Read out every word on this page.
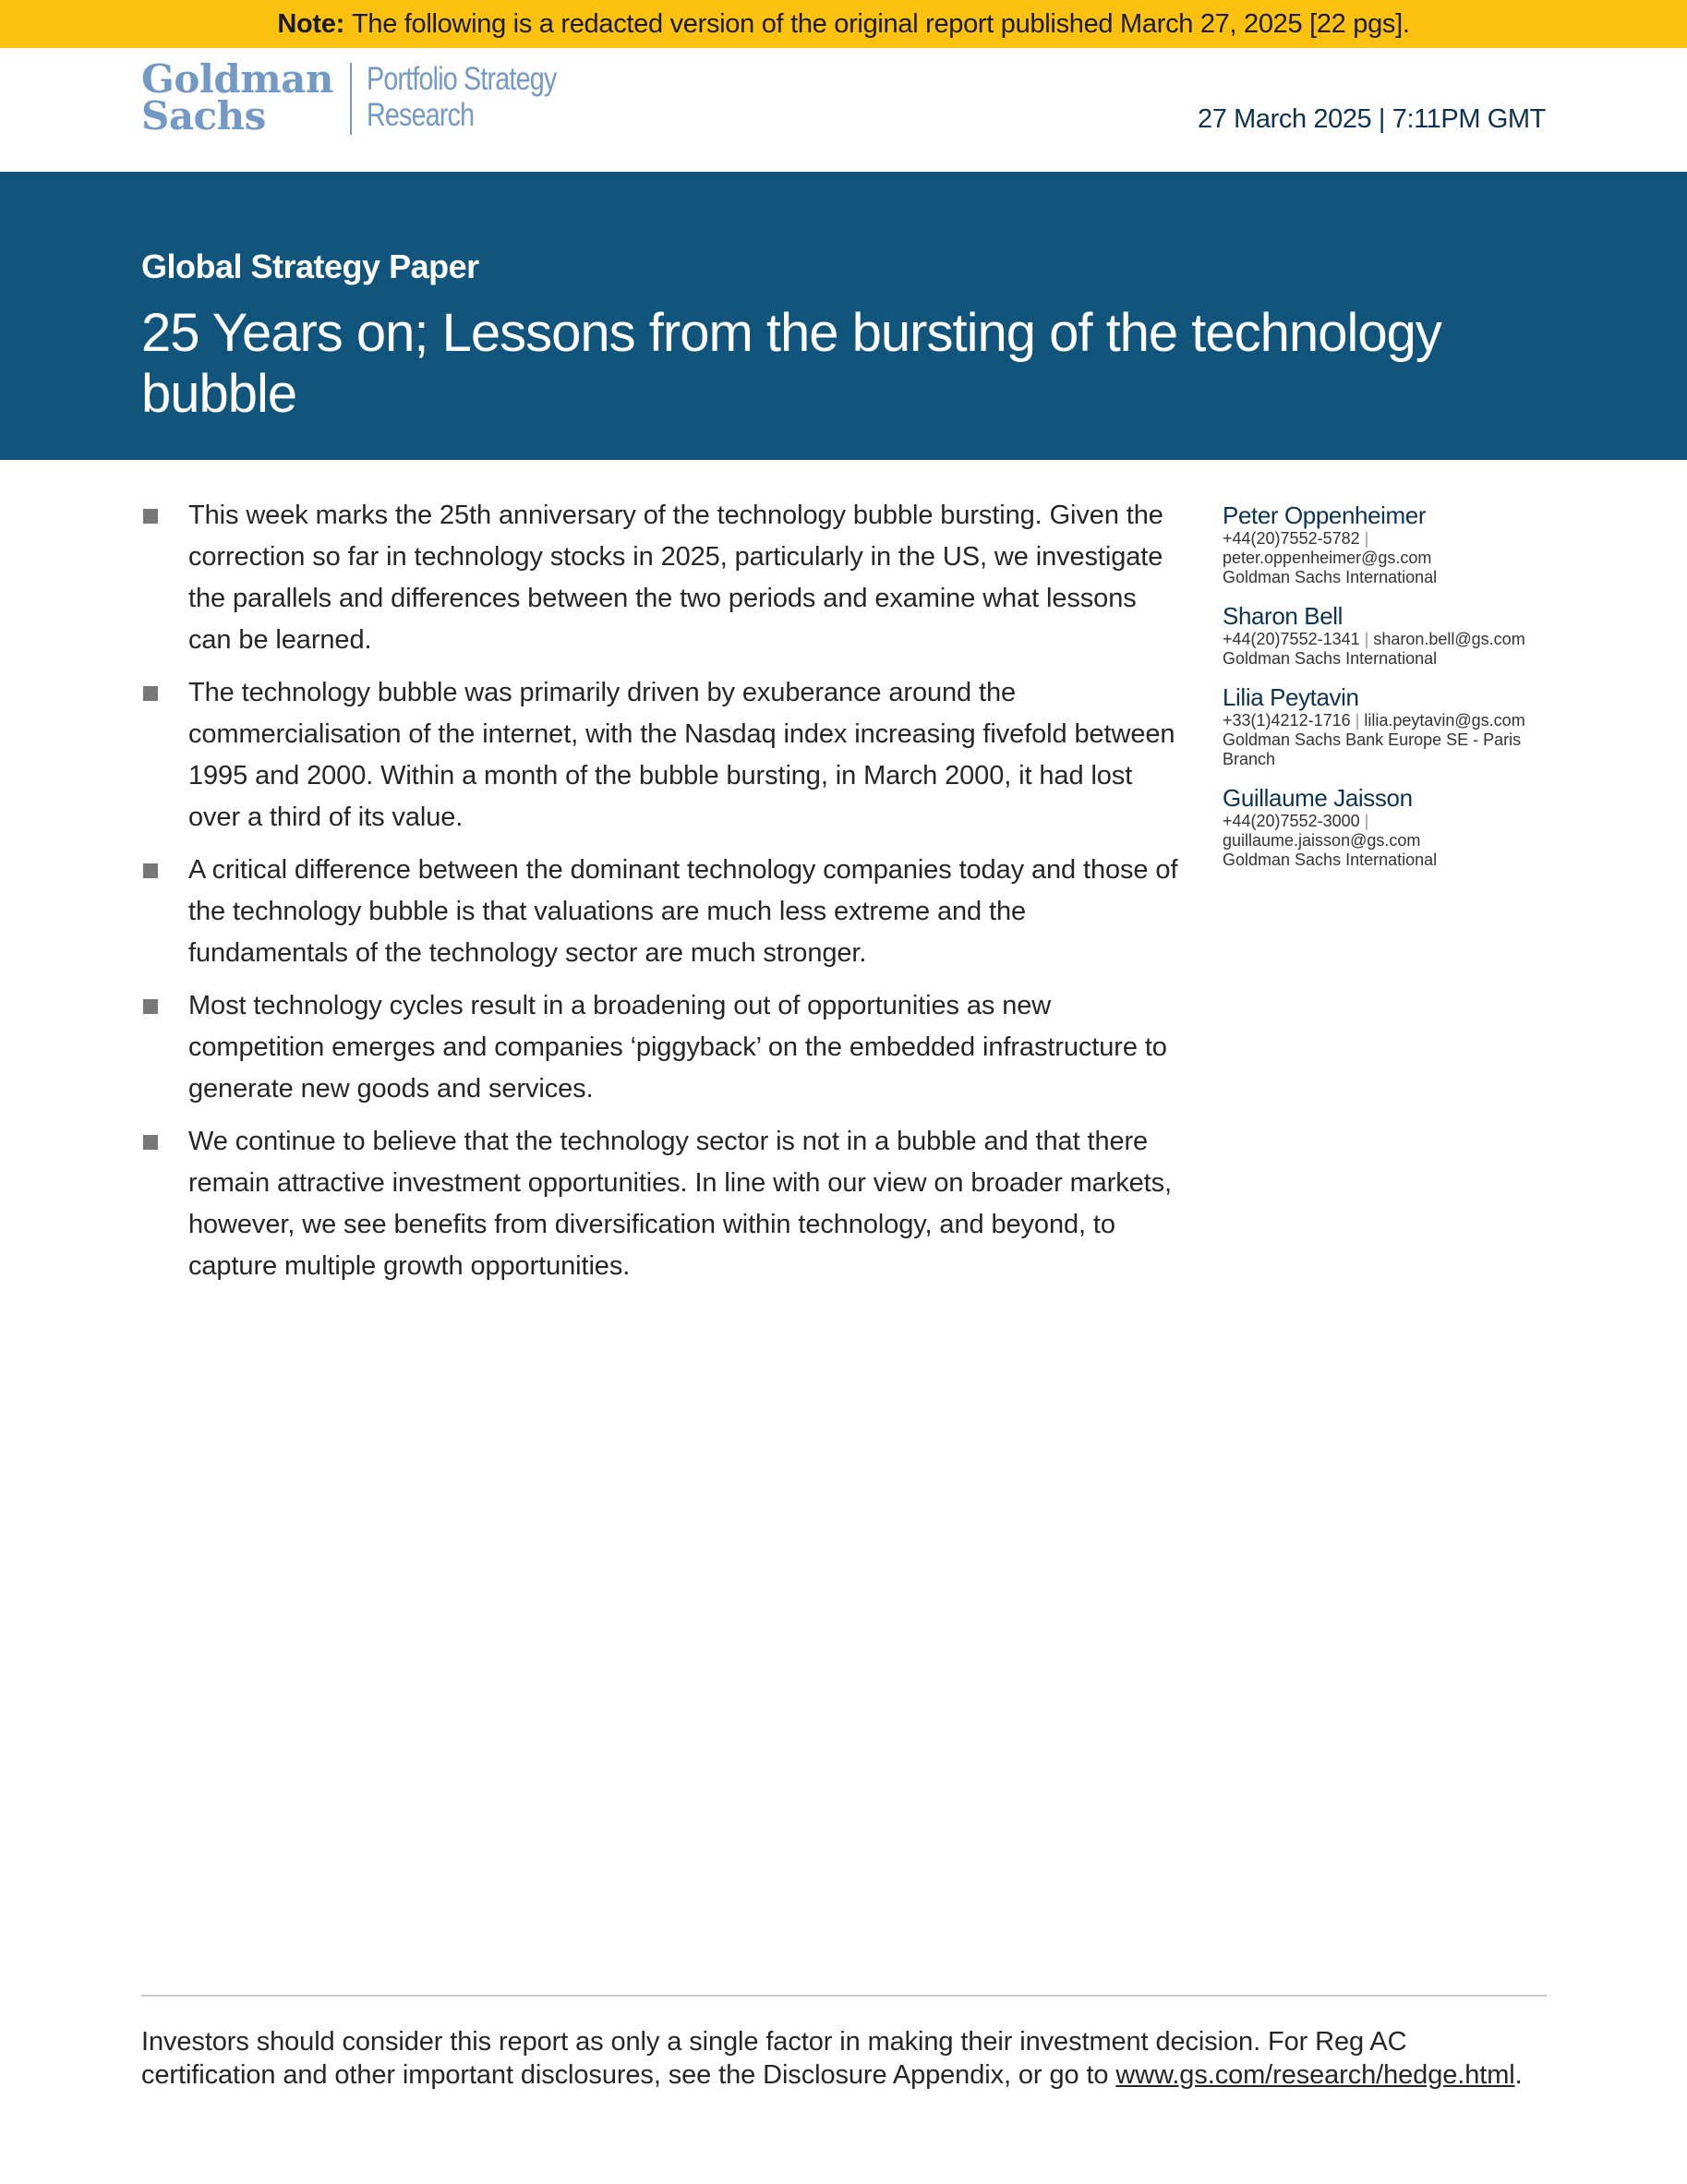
Note: The following is a redacted version of the original report published March 27, 2025 [22 pgs].
Goldman
Sachs
Portfolio Strategy
Research	27 March 2025 | 7:11PM GMT
Global Strategy Paper
25 Years on; Lessons from the bursting of the technology bubble
This week marks the 25th anniversary of the technology bubble bursting. Given the correction so far in technology stocks in 2025, particularly in the US, we investigate the parallels and differences between the two periods and examine what lessons can be learned.
The technology bubble was primarily driven by exuberance around the commercialisation of the internet, with the Nasdaq index increasing fivefold between 1995 and 2000. Within a month of the bubble bursting, in March 2000, it had lost over a third of its value.
A critical difference between the dominant technology companies today and those of the technology bubble is that valuations are much less extreme and the fundamentals of the technology sector are much stronger.
Most technology cycles result in a broadening out of opportunities as new competition emerges and companies ‘piggyback’ on the embedded infrastructure to generate new goods and services.
We continue to believe that the technology sector is not in a bubble and that there remain attractive investment opportunities. In line with our view on broader markets, however, we see benefits from diversification within technology, and beyond, to capture multiple growth opportunities.
Peter Oppenheimer
+44(20)7552-5782 |
peter.oppenheimer@gs.com
Goldman Sachs International
Sharon Bell
+44(20)7552-1341 | sharon.bell@gs.com
Goldman Sachs International
Lilia Peytavin
+33(1)4212-1716 | lilia.peytavin@gs.com
Goldman Sachs Bank Europe SE - Paris Branch
Guillaume Jaisson
+44(20)7552-3000 |
guillaume.jaisson@gs.com
Goldman Sachs International
Investors should consider this report as only a single factor in making their investment decision. For Reg AC certification and other important disclosures, see the Disclosure Appendix, or go to www.gs.com/research/hedge.html.
